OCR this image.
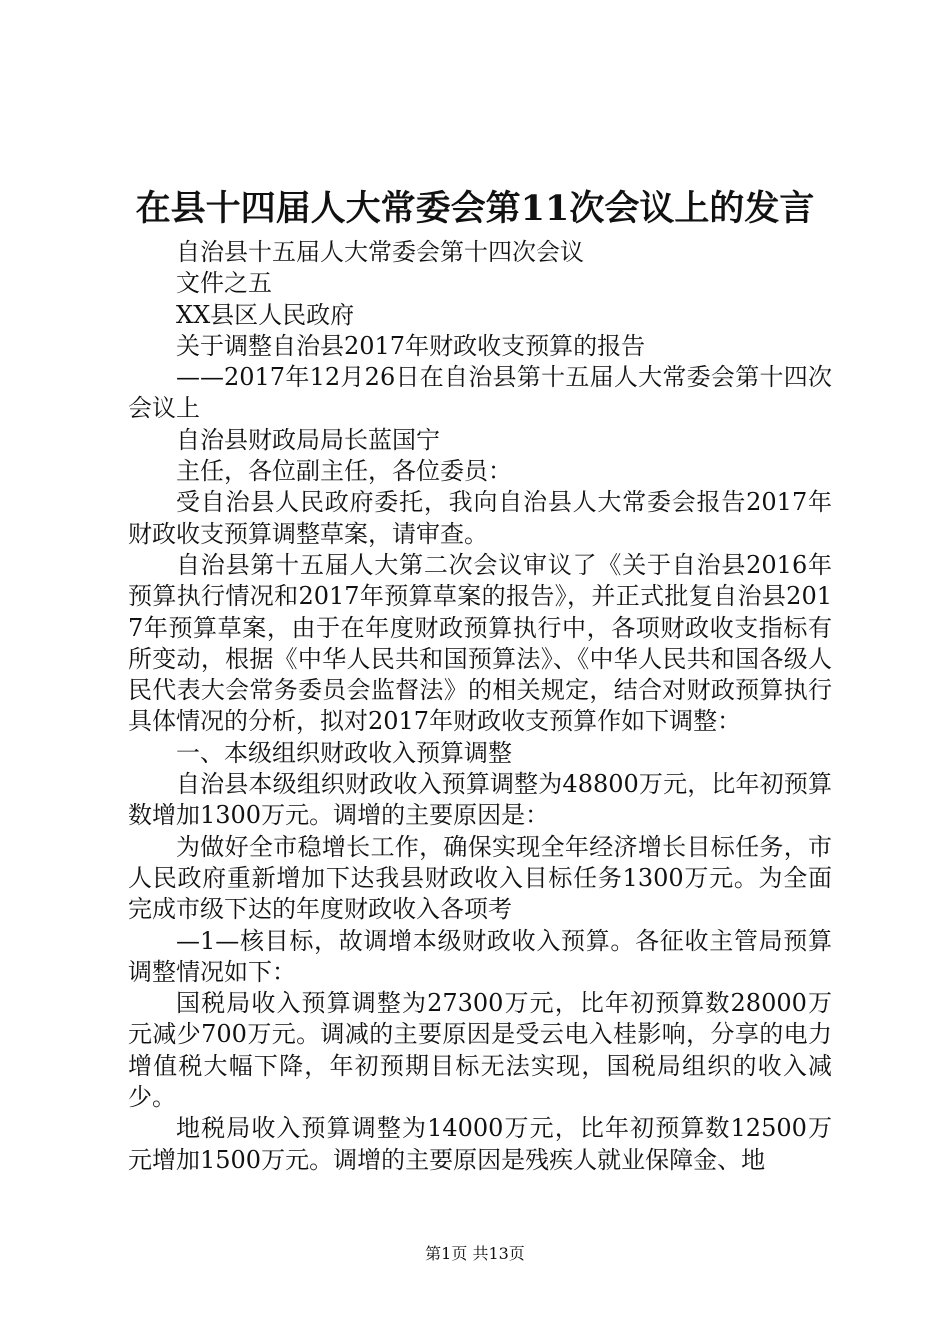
在县十四届人大常委会第11次会议上的发言

自治县十五届人大常委会第十四次会议

文件之五

XX县区人民政府

关于调整自治县2017年财政收支预算的报告

——2017年12月26日在自治县第十五届人大常委会第十四次会议上

自治县财政局局长蓝国宁

主任，各位副主任，各位委员：

受自治县人民政府委托，我向自治县人大常委会报告2017年财政收支预算调整草案，请审查。

自治县第十五届人大第二次会议审议了《关于自治县2016年预算执行情况和2017年预算草案的报告》，并正式批复自治县2017年预算草案，由于在年度财政预算执行中，各项财政收支指标有所变动，根据《中华人民共和国预算法》、《中华人民共和国各级人民代表大会常务委员会监督法》的相关规定，结合对财政预算执行具体情况的分析，拟对2017年财政收支预算作如下调整：

一、本级组织财政收入预算调整

自治县本级组织财政收入预算调整为48800万元，比年初预算数增加1300万元。调增的主要原因是：

为做好全市稳增长工作，确保实现全年经济增长目标任务，市人民政府重新增加下达我县财政收入目标任务1300万元。为全面完成市级下达的年度财政收入各项考

—1—核目标，故调增本级财政收入预算。各征收主管局预算调整情况如下：

国税局收入预算调整为27300万元，比年初预算数28000万元减少700万元。调减的主要原因是受云电入桂影响，分享的电力增值税大幅下降，年初预期目标无法实现，国税局组织的收入减少。

地税局收入预算调整为14000万元，比年初预算数12500万元增加1500万元。调增的主要原因是残疾人就业保障金、地

第1页 共13页
